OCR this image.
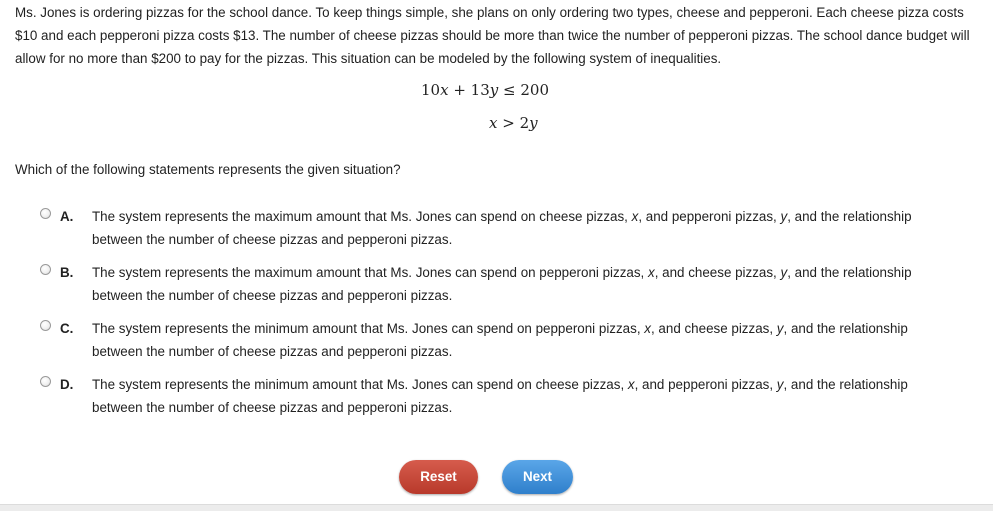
Ms. Jones is ordering pizzas for the school dance. To keep things simple, she plans on only ordering two types, cheese and pepperoni. Each cheese pizza costs $10 and each pepperoni pizza costs $13. The number of cheese pizzas should be more than twice the number of pepperoni pizzas. The school dance budget will allow for no more than $200 to pay for the pizzas. This situation can be modeled by the following system of inequalities.
10x + 13y ≤ 200
x > 2y
Which of the following statements represents the given situation?
A. The system represents the maximum amount that Ms. Jones can spend on cheese pizzas, x, and pepperoni pizzas, y, and the relationship between the number of cheese pizzas and pepperoni pizzas.
B. The system represents the maximum amount that Ms. Jones can spend on pepperoni pizzas, x, and cheese pizzas, y, and the relationship between the number of cheese pizzas and pepperoni pizzas.
C. The system represents the minimum amount that Ms. Jones can spend on pepperoni pizzas, x, and cheese pizzas, y, and the relationship between the number of cheese pizzas and pepperoni pizzas.
D. The system represents the minimum amount that Ms. Jones can spend on cheese pizzas, x, and pepperoni pizzas, y, and the relationship between the number of cheese pizzas and pepperoni pizzas.
Reset	Next
